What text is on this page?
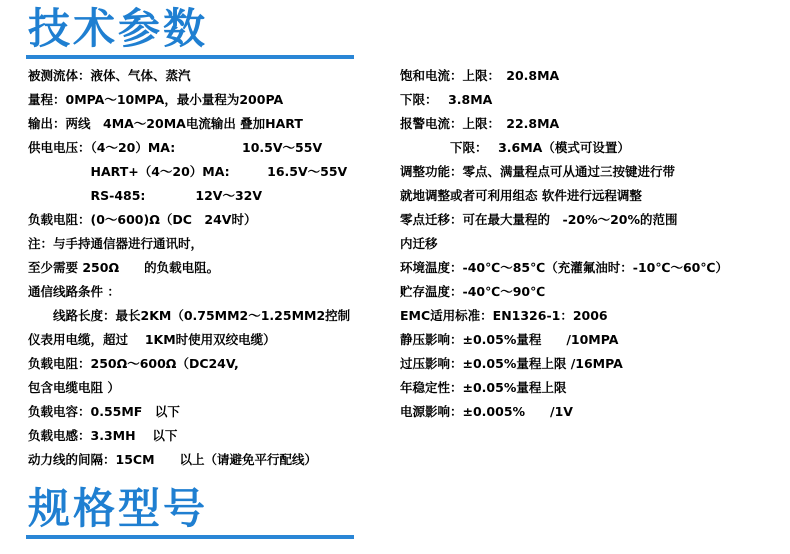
技术参数
被测流体：液体、气体、蒸汽
量程：0MPA～10MPA，最小量程为200PA
输出：两线　4MA～20MA电流输出 叠加HART
供电电压：（4～20）MA:　　　　　 10.5V～55V
　　　　　HART+（4～20）MA:　　　16.5V～55V
　　　　　RS-485:　　　　12V～32V
负载电阻：(0～600)Ω（DC　24V时）
注：与手持通信器进行通讯时，
至少需要 250Ω　　的负载电阻。
通信线路条件 ：
　　线路长度：最长2KM（0.75MM2～1.25MM2控制
仪表用电缆，超过　 1KM时使用双绞电缆）
负载电阻：250Ω～600Ω（DC24V,
包含电缆电阻 ）
负载电容：0.55MF　以下
负载电感：3.3MH　 以下
动力线的间隔：15CM　　以上（请避免平行配线）
饱和电流：上限：　20.8MA
下限：　 3.8MA
报警电流：上限：　22.8MA
　　　　下限：　 3.6MA（模式可设置）
调整功能：零点、满量程点可从通过三按键进行带
就地调整或者可利用组态 软件进行远程调整
零点迁移：可在最大量程的　-20%～20%的范围
内迁移
环境温度：-40℃～85℃（充灌氟油时：-10℃～60℃）
贮存温度：-40℃～90℃
EMC适用标准：EN1326-1：2006
静压影响：±0.05%量程　　/10MPA
过压影响：±0.05%量程上限 /16MPA
年稳定性：±0.05%量程上限
电源影响：±0.005%　　/1V
规格型号
